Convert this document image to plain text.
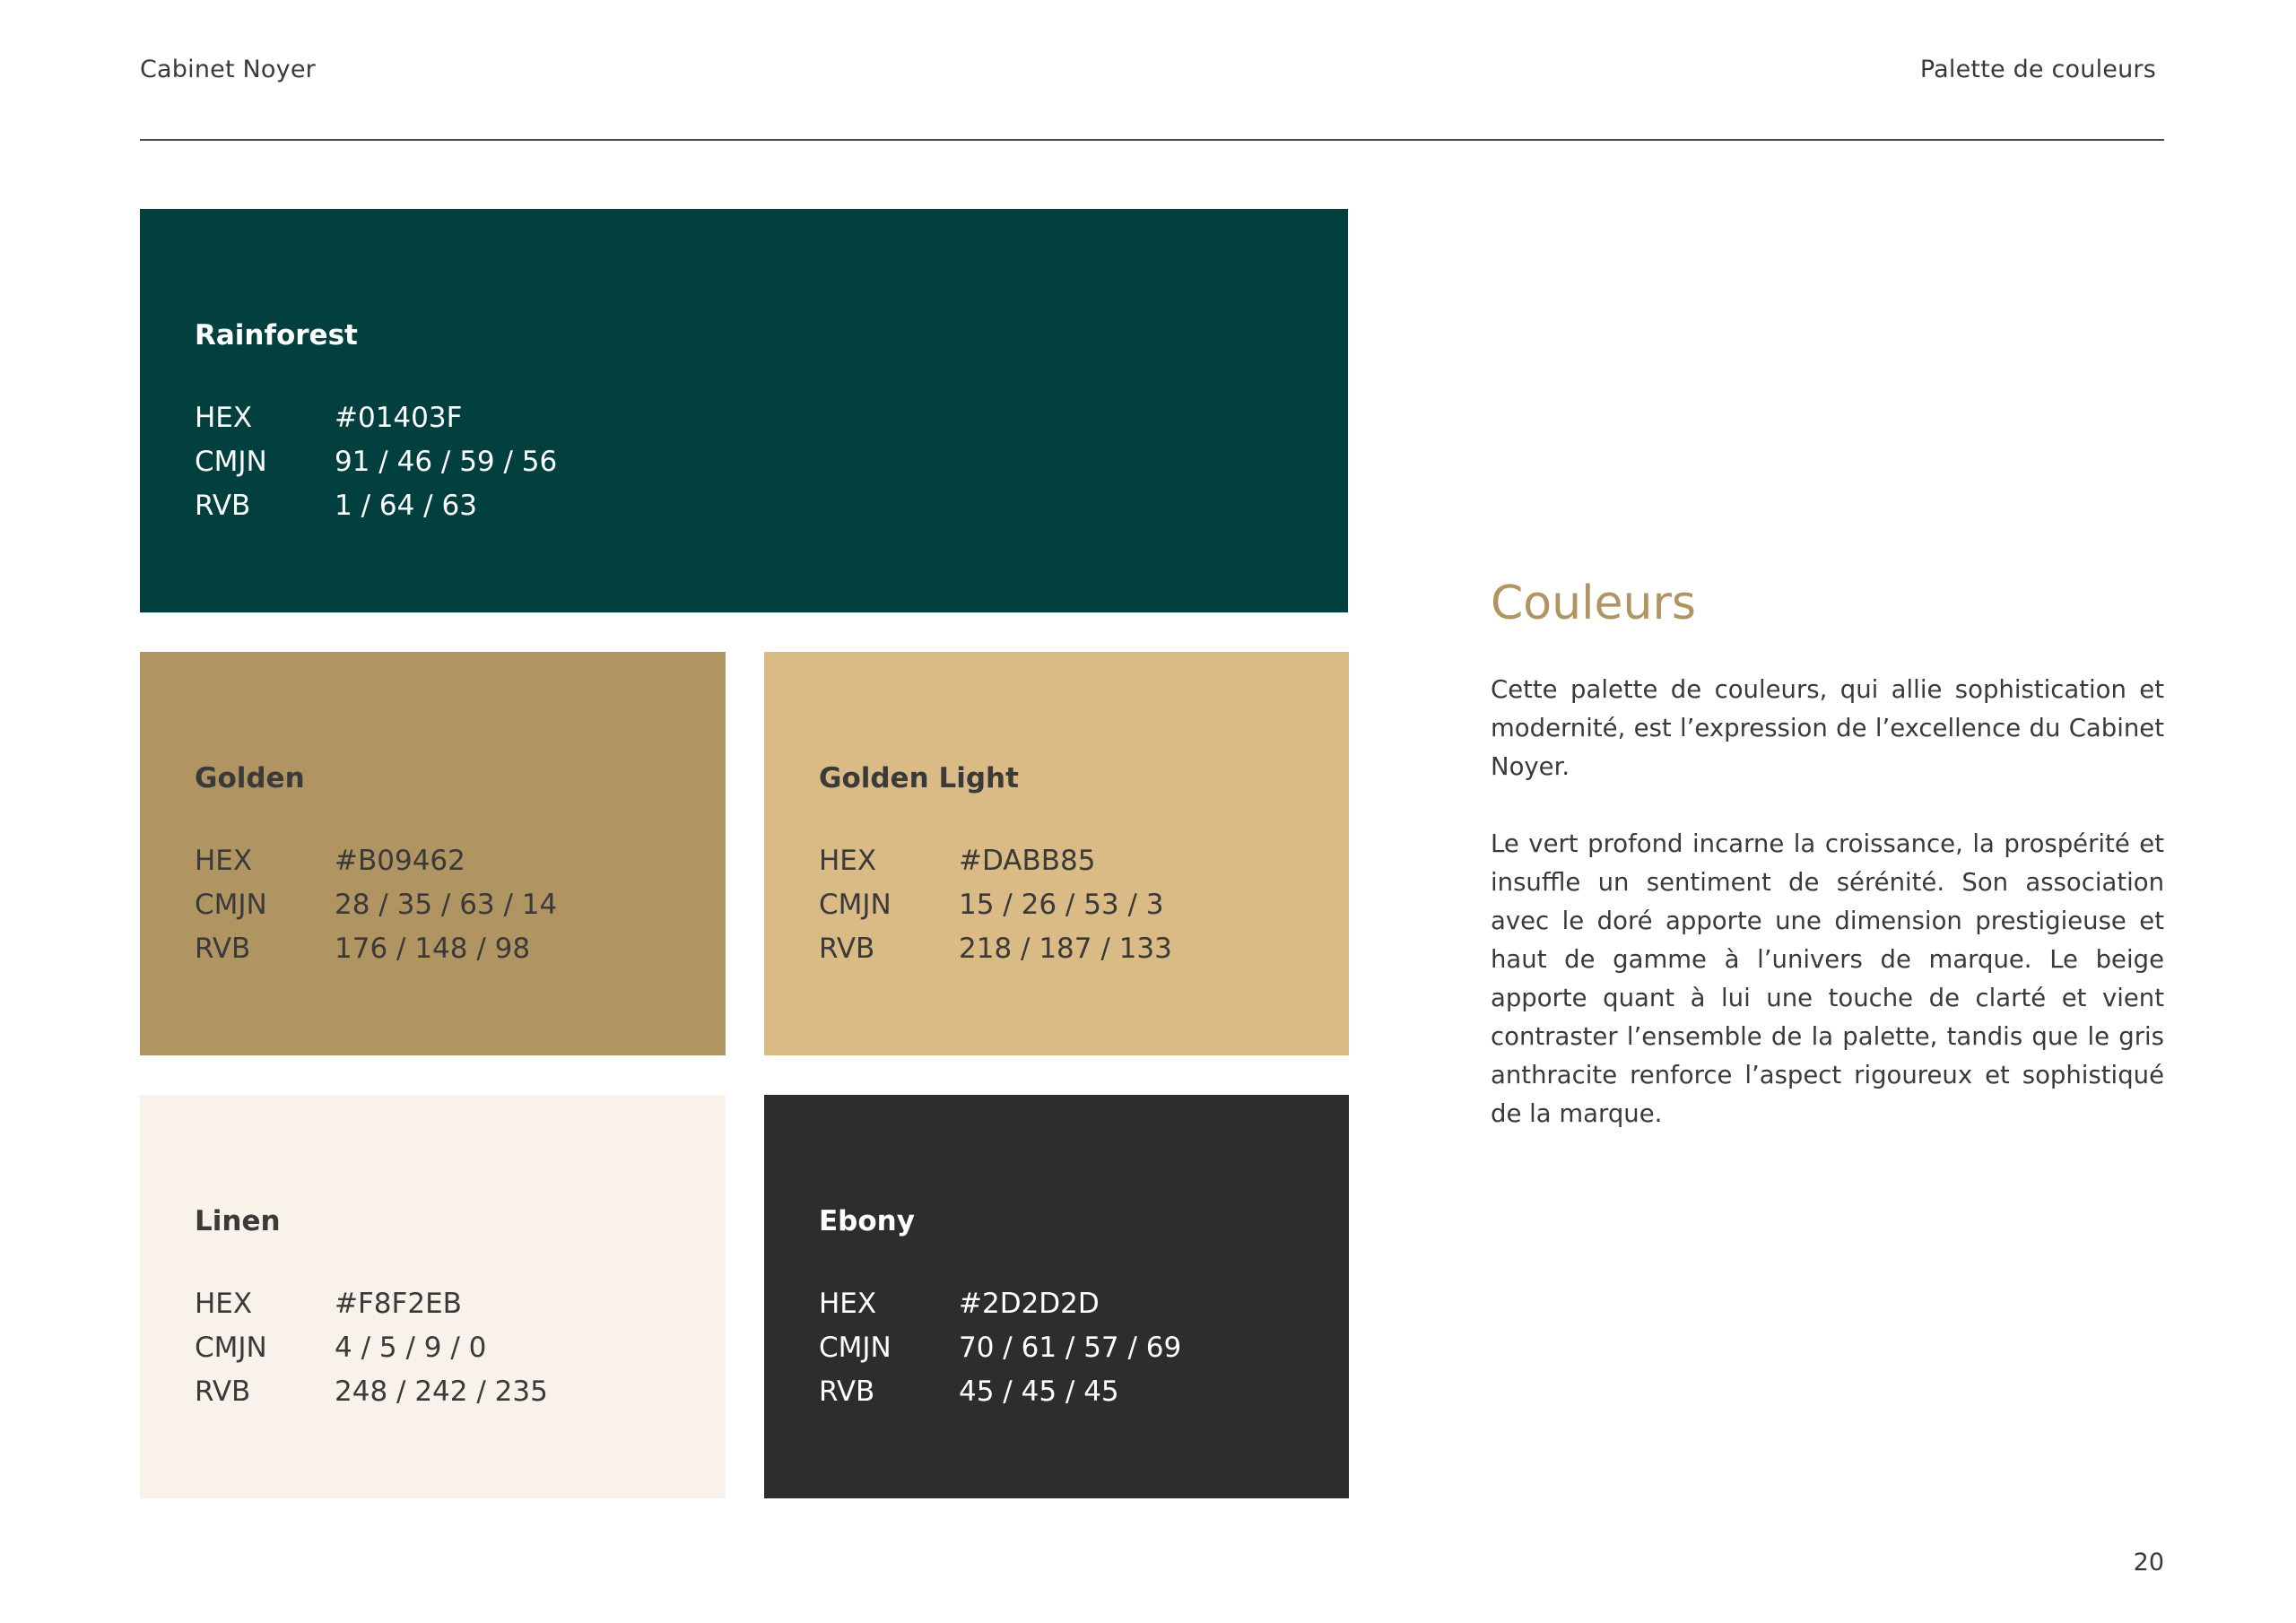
Cabinet Noyer	Palette de couleurs
Rainforest
HEX	#01403F
CMJN	91 / 46 / 59 / 56
RVB	1 / 64 / 63
Golden
HEX	#B09462
CMJN	28 / 35 / 63 / 14
RVB	176 / 148 / 98
Golden Light
HEX	#DABB85
CMJN	15 / 26 / 53 / 3
RVB	218 / 187 / 133
Linen
HEX	#F8F2EB
CMJN	4 / 5 / 9 / 0
RVB	248 / 242 / 235
Ebony
HEX	#2D2D2D
CMJN	70 / 61 / 57 / 69
RVB	45 / 45 / 45
Couleurs

Cette palette de couleurs, qui allie sophistication et modernité, est l’expression de l’excellence du Cabinet Noyer.

Le vert profond incarne la croissance, la prospérité et insuffle un sentiment de sérénité. Son association avec le doré apporte une dimension prestigieuse et haut de gamme à l’univers de marque. Le beige apporte quant à lui une touche de clarté et vient contraster l’ensemble de la palette, tandis que le gris anthracite renforce l’aspect rigoureux et sophistiqué de la marque.

20
